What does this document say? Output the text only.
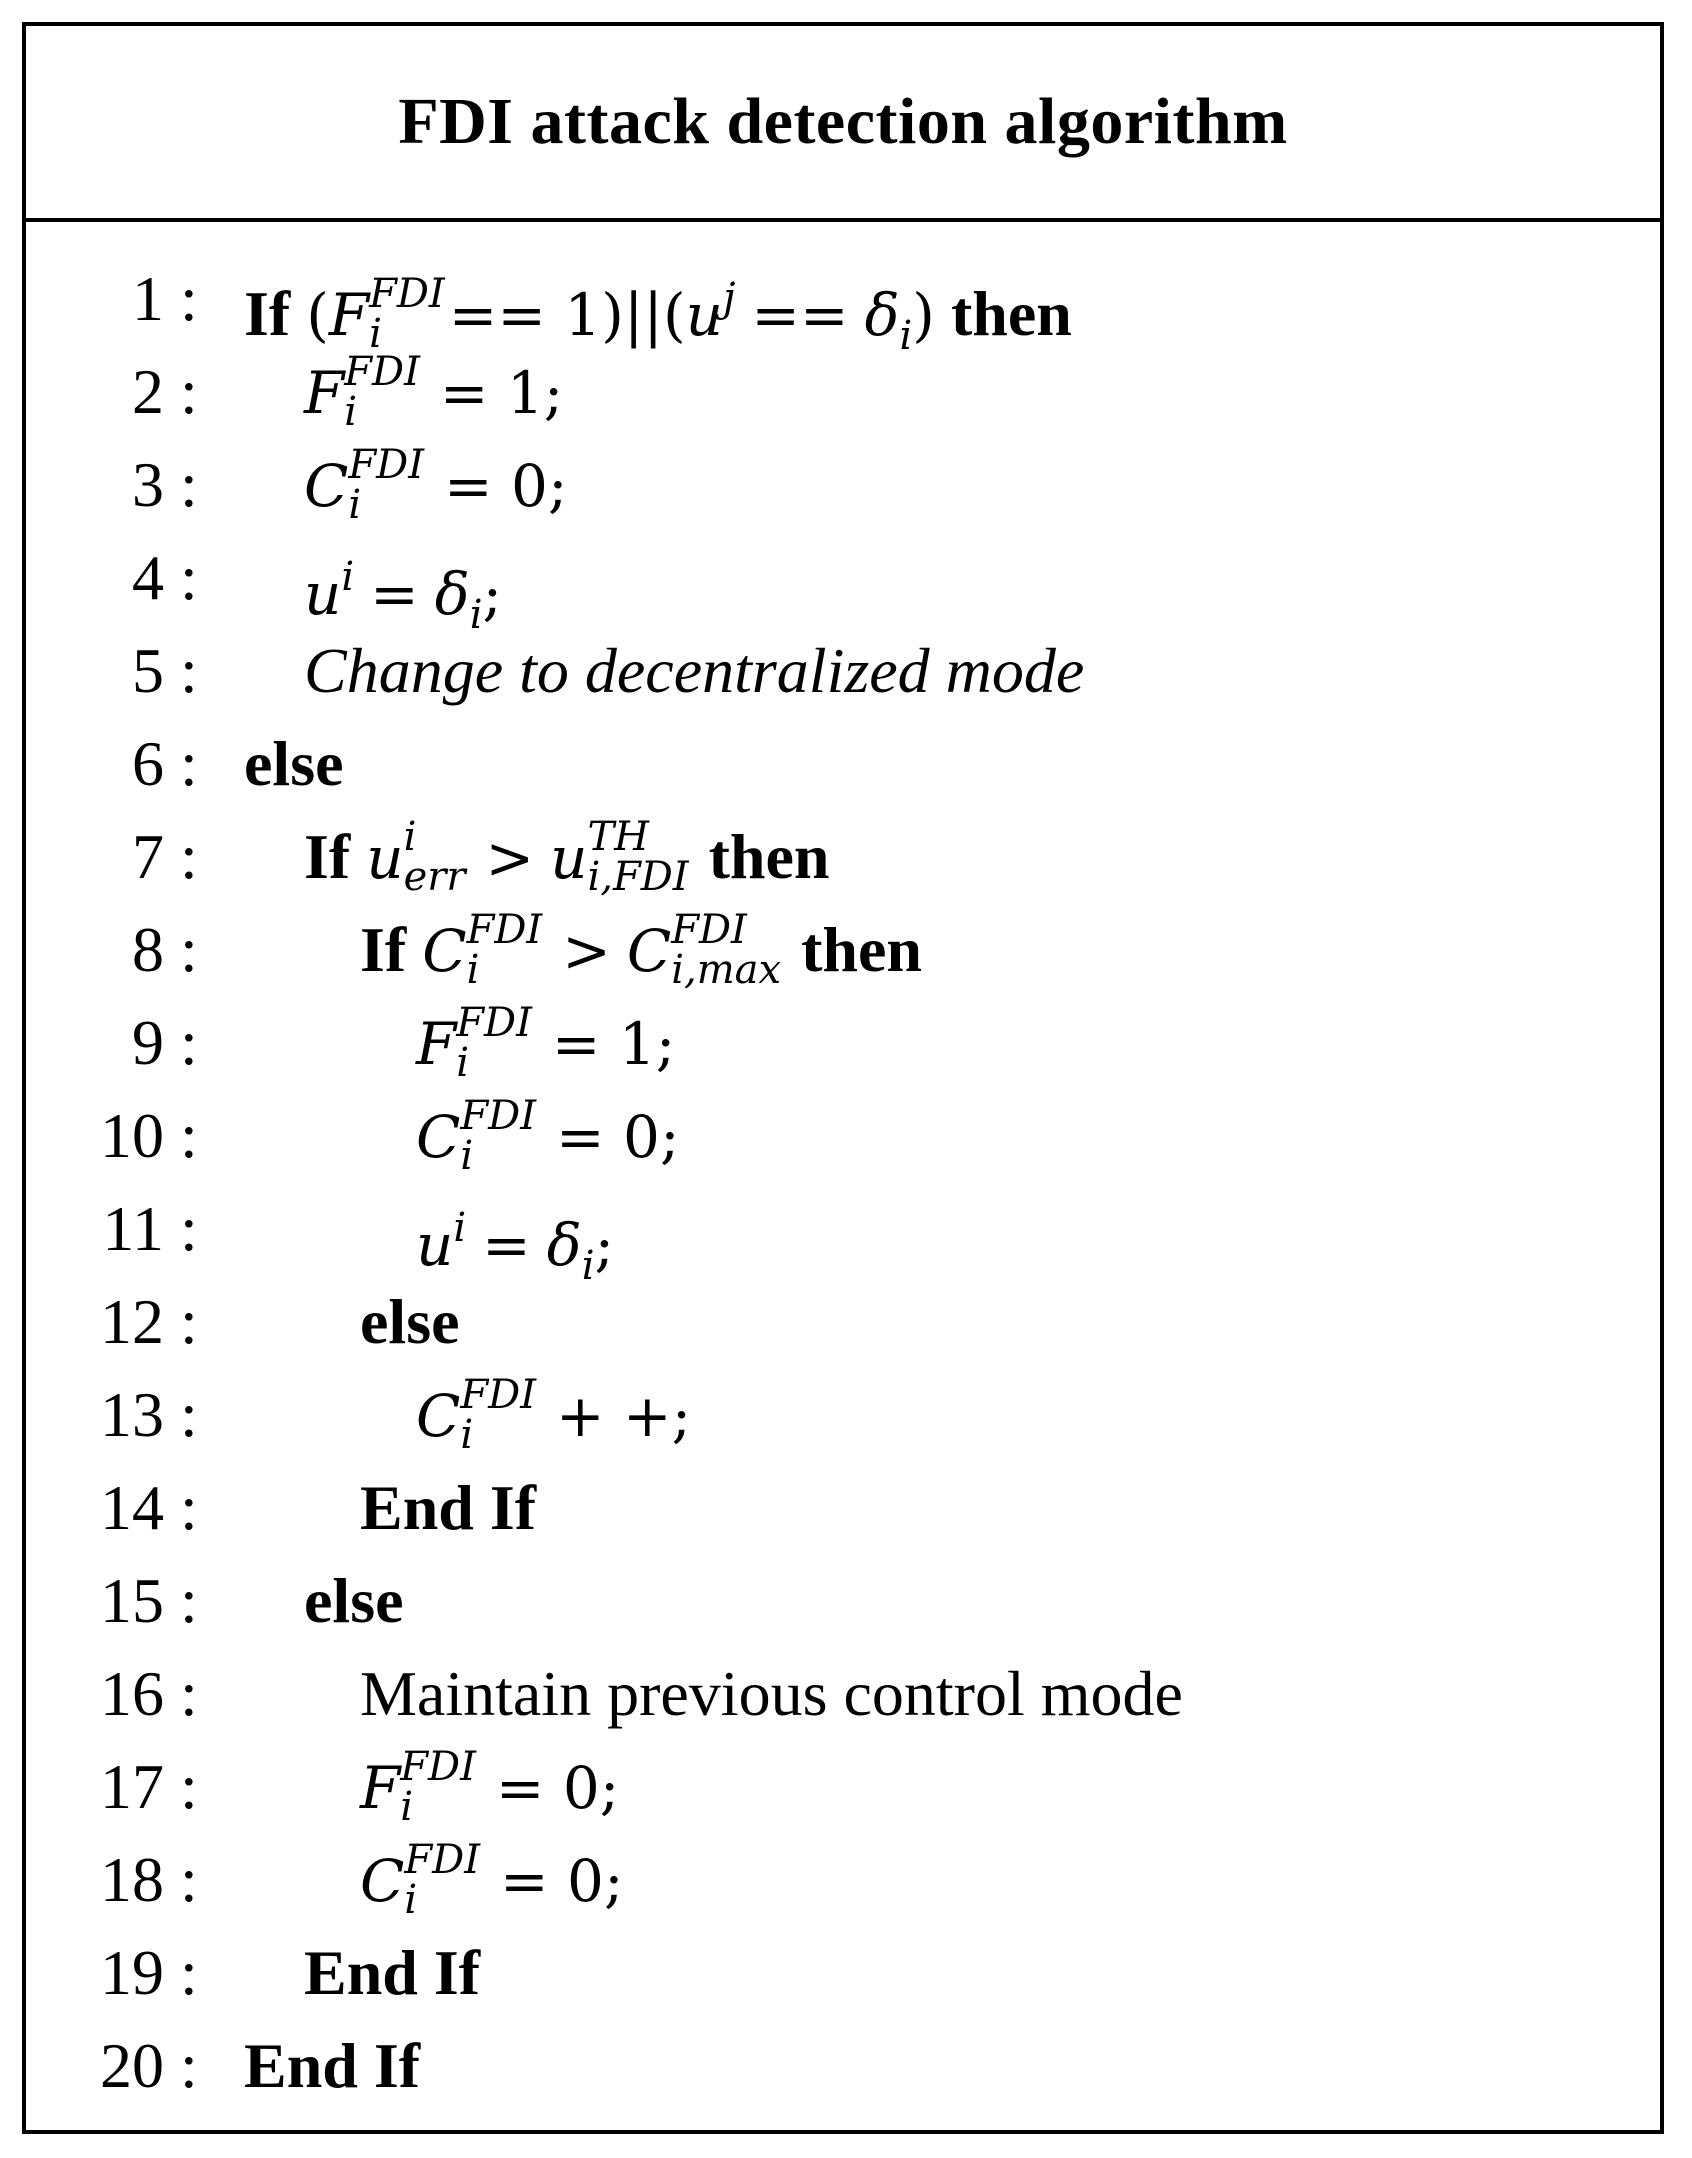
FDI attack detection algorithm
1 : If (F FDI
i	== $1)||(u^j == \delta_i)$ then
2 : F FDI
i	= 1;
3 : C FDI
i	= 0;
4 : $u^i = \delta_i$;
5 : Change to decentralized mode
6 : else
7 : If u i
err > u TH
i,FDI then
8 :	If C FDI
i	> C FDI
i,max then
9 :	F FDI
i	= 1;
10 :	C FDI
i	= 0;
11 :	$u^i = \delta_i$;
12 :	else
13 :	C FDI
i	+ +;
14 :	End If
15 : else
16 :	Maintain previous control mode
17 :	F FDI
i	= 0;
18 :	C FDI
i	= 0;
19 : End If
20 : End If
